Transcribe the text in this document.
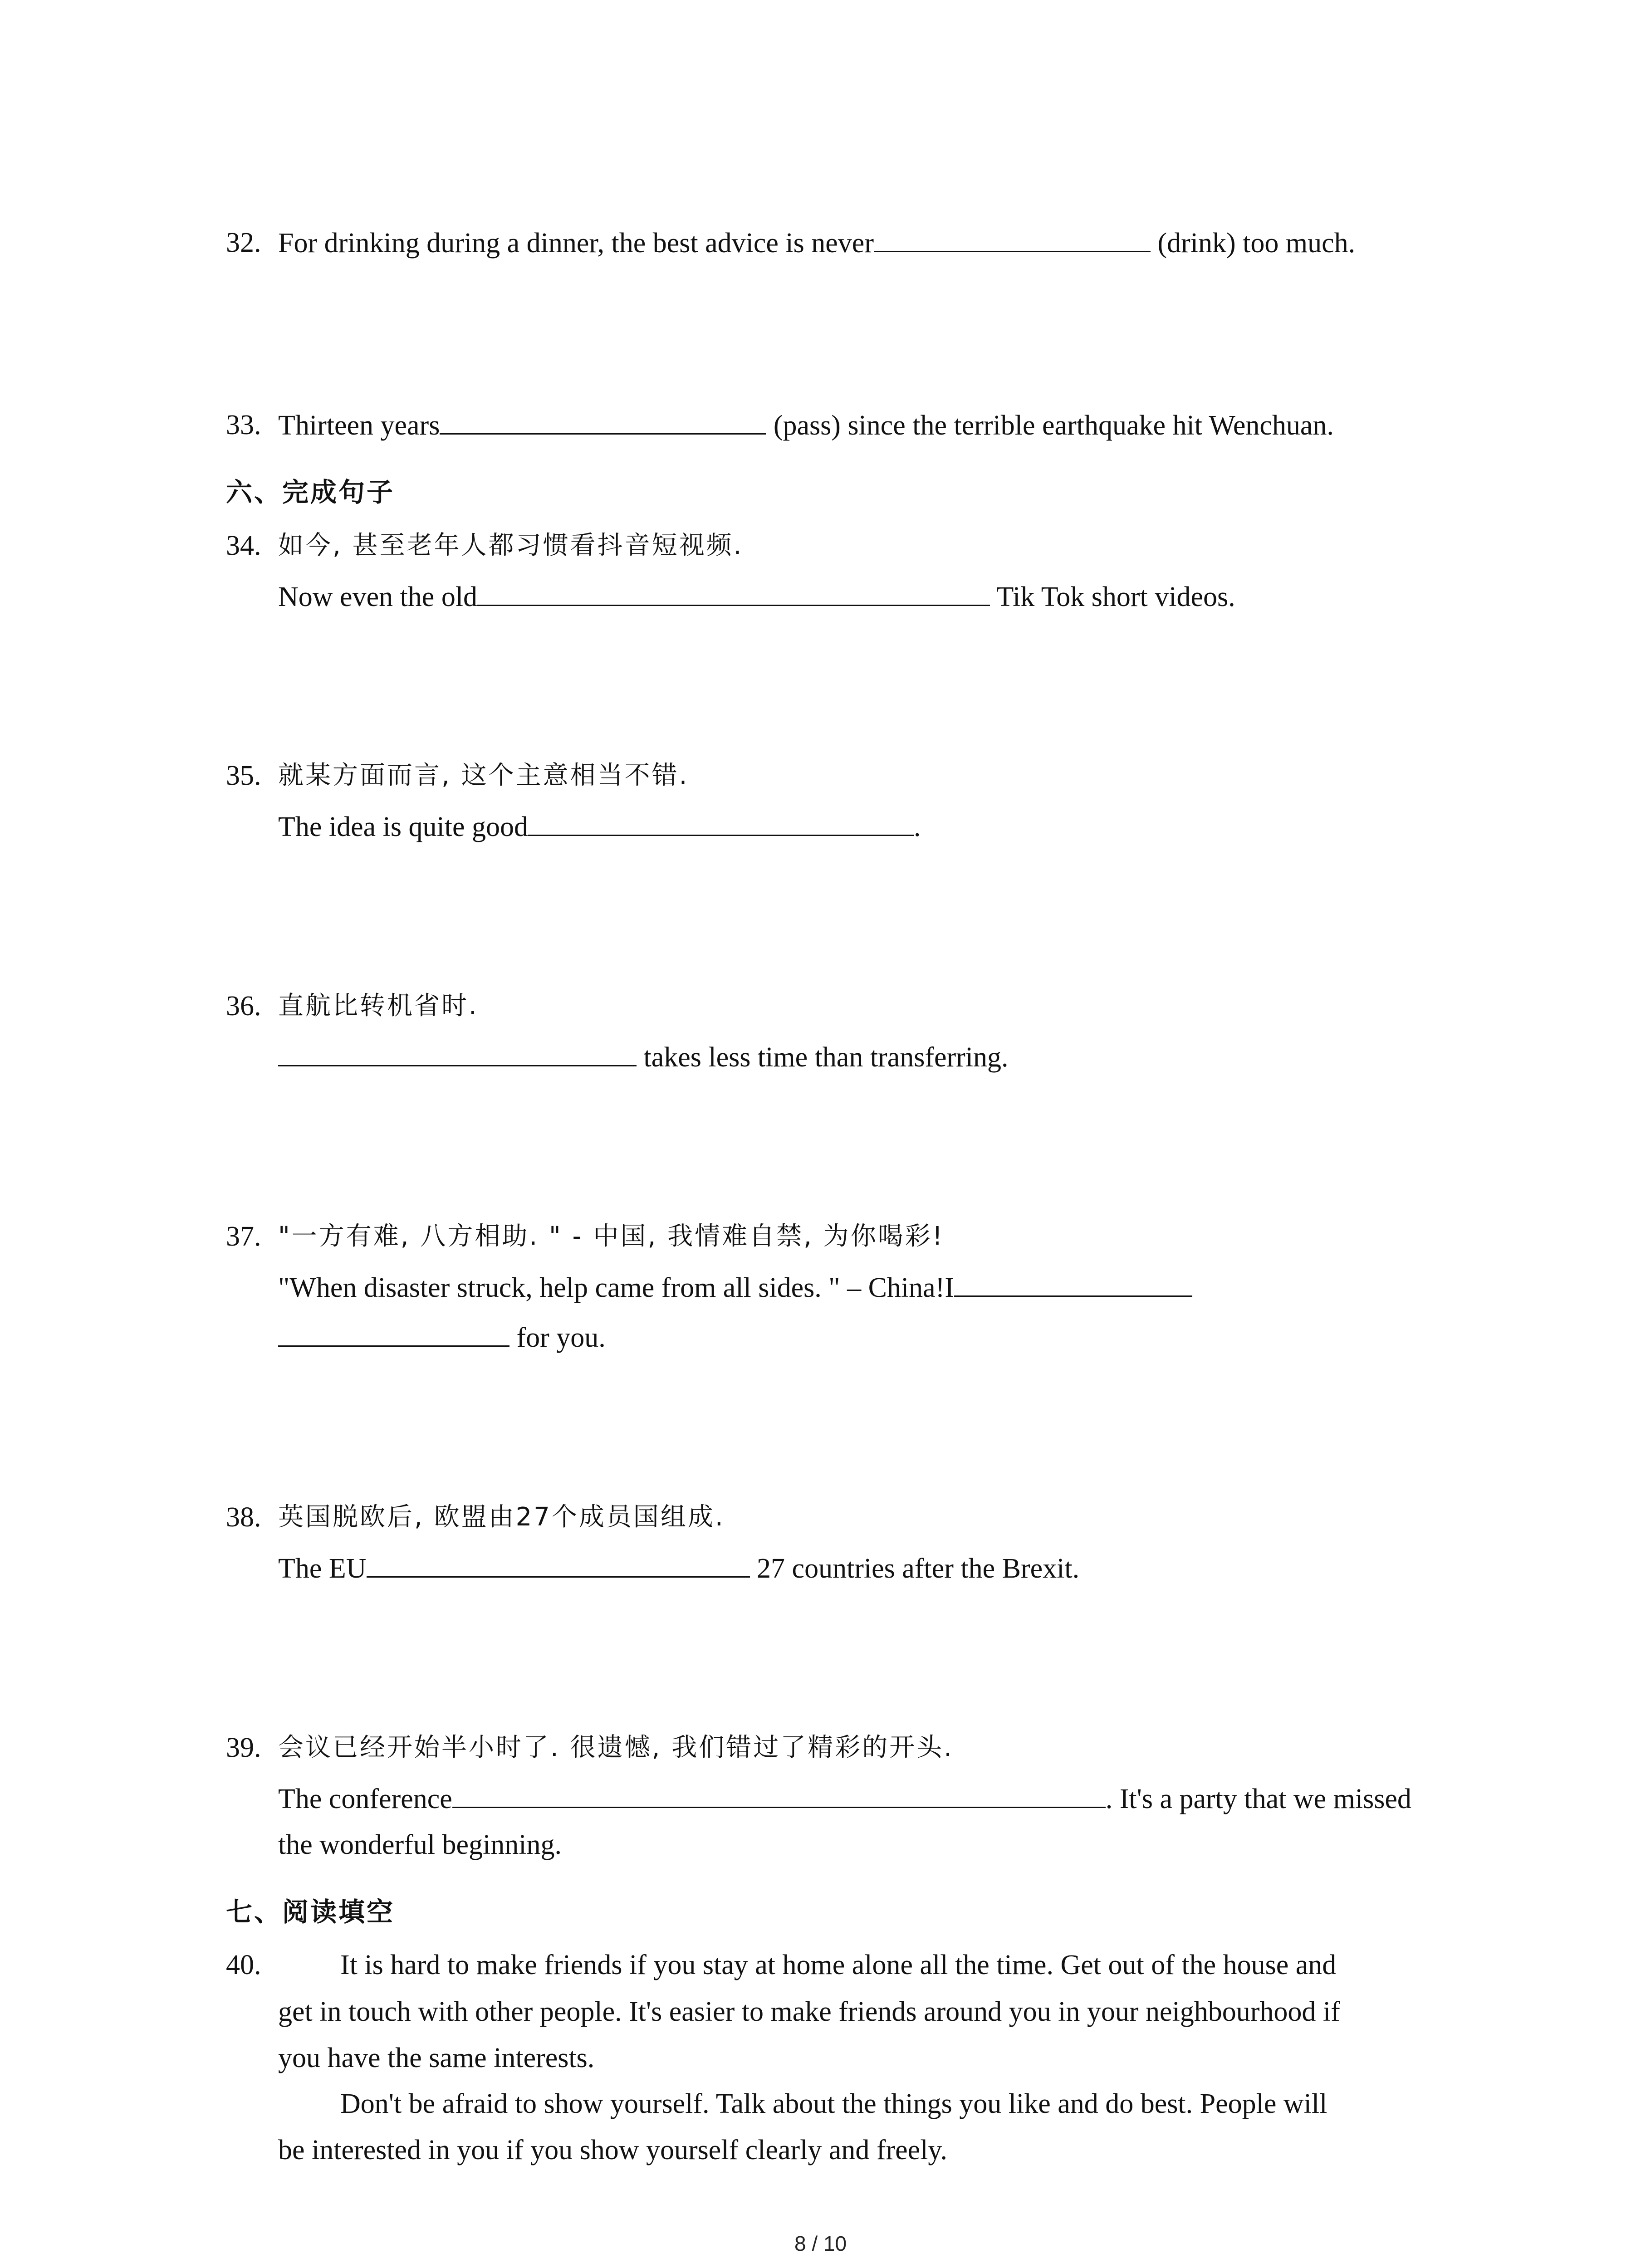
32. For drinking during a dinner, the best advice is never	(drink) too much.
33. Thirteen years	(pass) since the terrible earthquake hit Wenchuan.
六、完成句子
34. 如今, 甚至老年人都习惯看抖音短视频.
Now even the old	Tik Tok short videos.
35. 就某方面而言, 这个主意相当不错.
The idea is quite good	.
36. 直航比转机省时.
takes less time than transferring.
37. "一方有难, 八方相助. " - 中国, 我情难自禁, 为你喝彩!
"When disaster struck, help came from all sides. " – China!I
for you.
38. 英国脱欧后, 欧盟由27个成员国组成.
The EU	27 countries after the Brexit.
39. 会议已经开始半小时了. 很遗憾, 我们错过了精彩的开头.
The conference	. It's a party that we missed
the wonderful beginning.
七、阅读填空
40.	It is hard to make friends if you stay at home alone all the time. Get out of the house and
get in touch with other people. It's easier to make friends around you in your neighbourhood if
you have the same interests.
Don't be afraid to show yourself. Talk about the things you like and do best. People will
be interested in you if you show yourself clearly and freely.
8 / 10
